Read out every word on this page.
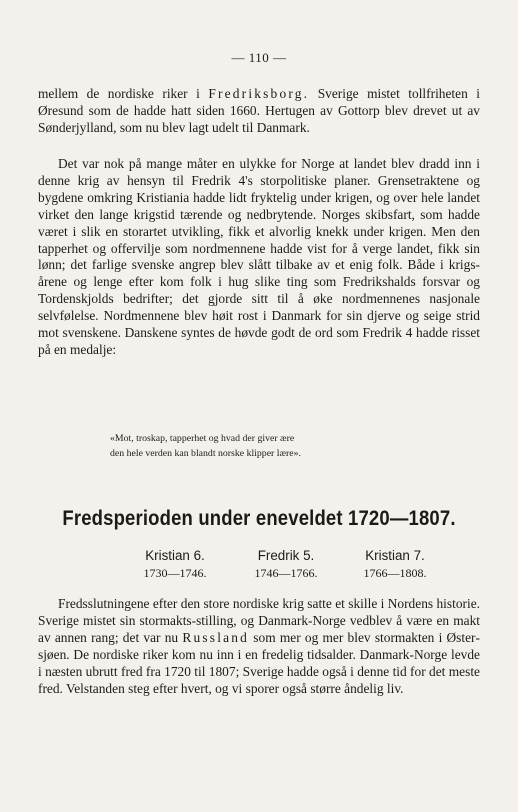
— 110 —

mellem de nordiske riker i Fredriksborg. Sverige mistet tollfriheten i Øresund som de hadde hatt siden 1660. Hertugen av Gottorp blev drevet ut av Sønderjylland, som nu blev lagt udelt til Danmark.

Det var nok på mange måter en ulykke for Norge at landet blev dradd inn i denne krig av hensyn til Fredrik 4's storpolitiske planer. Grensetraktene og bygdene omkring Kristiania hadde lidt fryktelig under krigen, og over hele landet virket den lange krigstid tærende og nedbrytende. Norges skibsfart, som hadde været i slik en storartet utvikling, fikk et alvorlig knekk under krigen. Men den tapperhet og offervilje som nordmennene hadde vist for å verge landet, fikk sin lønn; det farlige svenske angrep blev slått tilbake av et enig folk. Både i krigsårene og lenge efter kom folk i hug slike ting som Fredrikshalds forsvar og Tordenskjolds bedrifter; det gjorde sitt til å øke nordmennenes nasjonale selvfølelse. Nordmennene blev høit rost i Danmark for sin djerve og seige strid mot svenskene. Danskene syntes de høvde godt de ord som Fredrik 4 hadde risset på en medalje:

«Mot, troskap, tapperhet og hvad der giver ære
den hele verden kan blandt norske klipper lære».
Fredsperioden under eneveldet 1720—1807.
Kristian 6.
1730—1746.
Fredrik 5.
1746—1766.
Kristian 7.
1766—1808.

Fredsslutningene efter den store nordiske krig satte et skille i Nordens historie. Sverige mistet sin stormakts-stilling, og Danmark-Norge vedblev å være en makt av annen rang; det var nu Russland som mer og mer blev stormakten i Østersjøen. De nordiske riker kom nu inn i en fredelig tidsalder. Danmark-Norge levde i næsten ubrutt fred fra 1720 til 1807; Sverige hadde også i denne tid for det meste fred. Velstanden steg efter hvert, og vi sporer også større åndelig liv.
